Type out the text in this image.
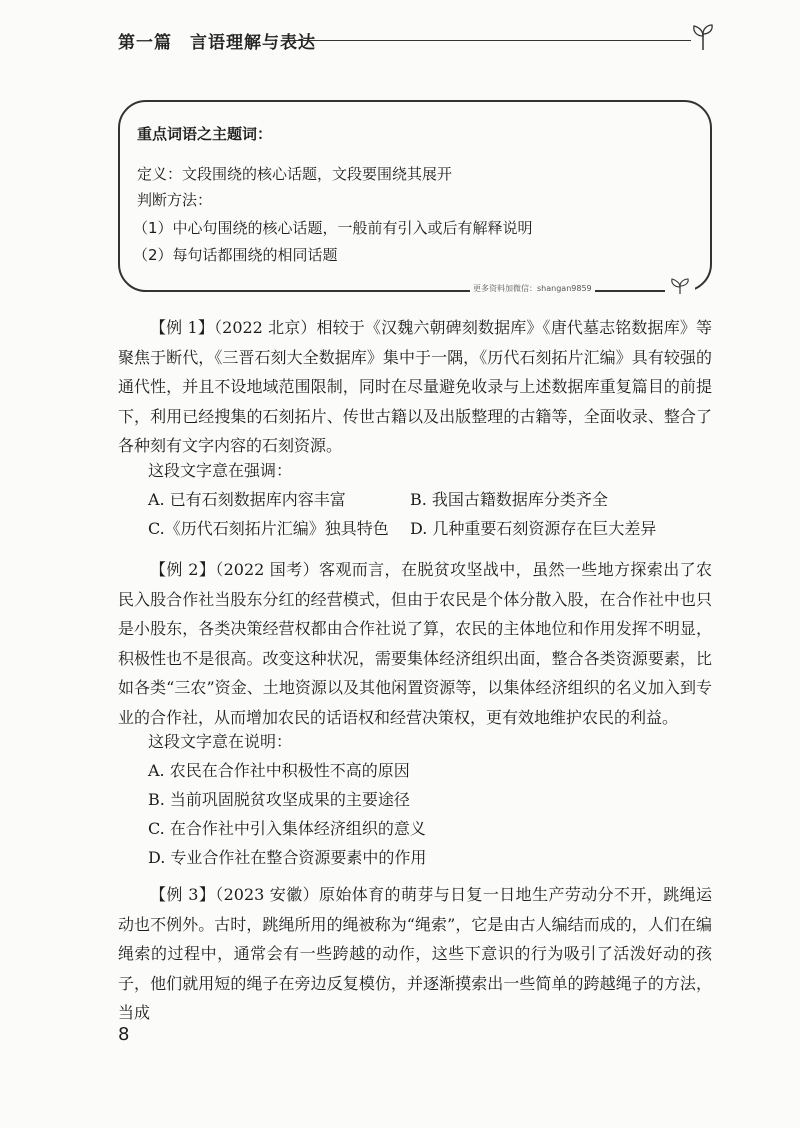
第一篇　言语理解与表达
重点词语之主题词：
定义：文段围绕的核心话题，文段要围绕其展开
判断方法：
（1）中心句围绕的核心话题，一般前有引入或后有解释说明
（2）每句话都围绕的相同话题
更多资料加微信：shangan9859

【例 1】（2022 北京）相较于《汉魏六朝碑刻数据库》《唐代墓志铭数据库》等聚焦于断代，《三晋石刻大全数据库》集中于一隅，《历代石刻拓片汇编》具有较强的通代性，并且不设地域范围限制，同时在尽量避免收录与上述数据库重复篇目的前提下，利用已经搜集的石刻拓片、传世古籍以及出版整理的古籍等，全面收录、整合了各种刻有文字内容的石刻资源。

这段文字意在强调：
A. 已有石刻数据库内容丰富	B. 我国古籍数据库分类齐全
C.《历代石刻拓片汇编》独具特色 D. 几种重要石刻资源存在巨大差异

【例 2】（2022 国考）客观而言，在脱贫攻坚战中，虽然一些地方探索出了农民入股合作社当股东分红的经营模式，但由于农民是个体分散入股，在合作社中也只是小股东，各类决策经营权都由合作社说了算，农民的主体地位和作用发挥不明显，积极性也不是很高。改变这种状况，需要集体经济组织出面，整合各类资源要素，比如各类“三农”资金、土地资源以及其他闲置资源等，以集体经济组织的名义加入到专业的合作社，从而增加农民的话语权和经营决策权，更有效地维护农民的利益。

这段文字意在说明：
A. 农民在合作社中积极性不高的原因
B. 当前巩固脱贫攻坚成果的主要途径
C. 在合作社中引入集体经济组织的意义
D. 专业合作社在整合资源要素中的作用

【例 3】（2023 安徽）原始体育的萌芽与日复一日地生产劳动分不开，跳绳运动也不例外。古时，跳绳所用的绳被称为“绳索”，它是由古人编结而成的，人们在编绳索的过程中，通常会有一些跨越的动作，这些下意识的行为吸引了活泼好动的孩子，他们就用短的绳子在旁边反复模仿，并逐渐摸索出一些简单的跨越绳子的方法，当成

8
